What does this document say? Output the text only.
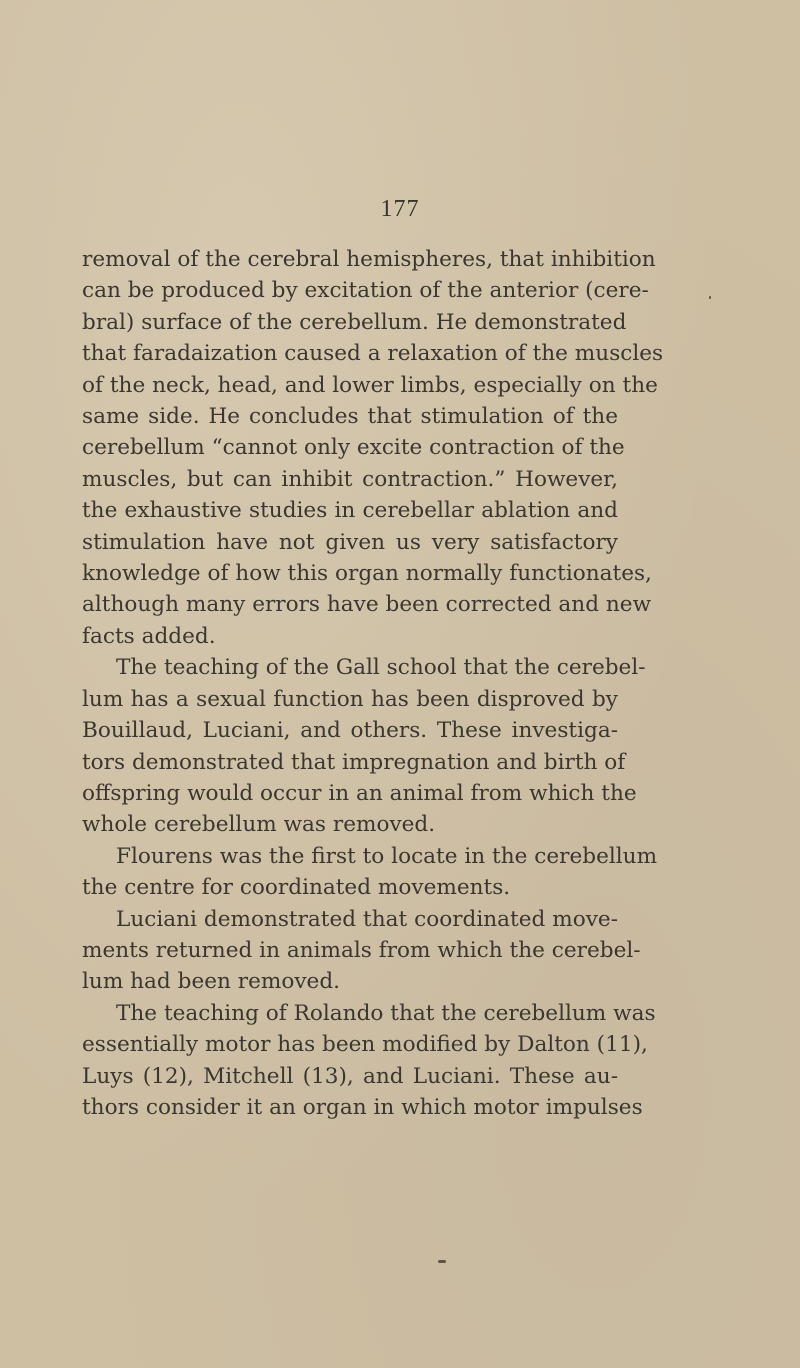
177
removal of the cerebral hemispheres, that inhibition
can be produced by excitation of the anterior (cere-
bral) surface of the cerebellum. He demonstrated
that faradaization caused a relaxation of the muscles
of the neck, head, and lower limbs, especially on the
same side. He concludes that stimulation of the
cerebellum “cannot only excite contraction of the
muscles, but can inhibit contraction.” However,
the exhaustive studies in cerebellar ablation and
stimulation have not given us very satisfactory
knowledge of how this organ normally functionates,
although many errors have been corrected and new
facts added.
The teaching of the Gall school that the cerebel-
lum has a sexual function has been disproved by
Bouillaud, Luciani, and others. These investiga-
tors demonstrated that impregnation and birth of
offspring would occur in an animal from which the
whole cerebellum was removed.
Flourens was the first to locate in the cerebellum
the centre for coordinated movements.
Luciani demonstrated that coordinated move-
ments returned in animals from which the cerebel-
lum had been removed.
The teaching of Rolando that the cerebellum was
essentially motor has been modified by Dalton (11),
Luys (12), Mitchell (13), and Luciani. These au-
thors consider it an organ in which motor impulses
